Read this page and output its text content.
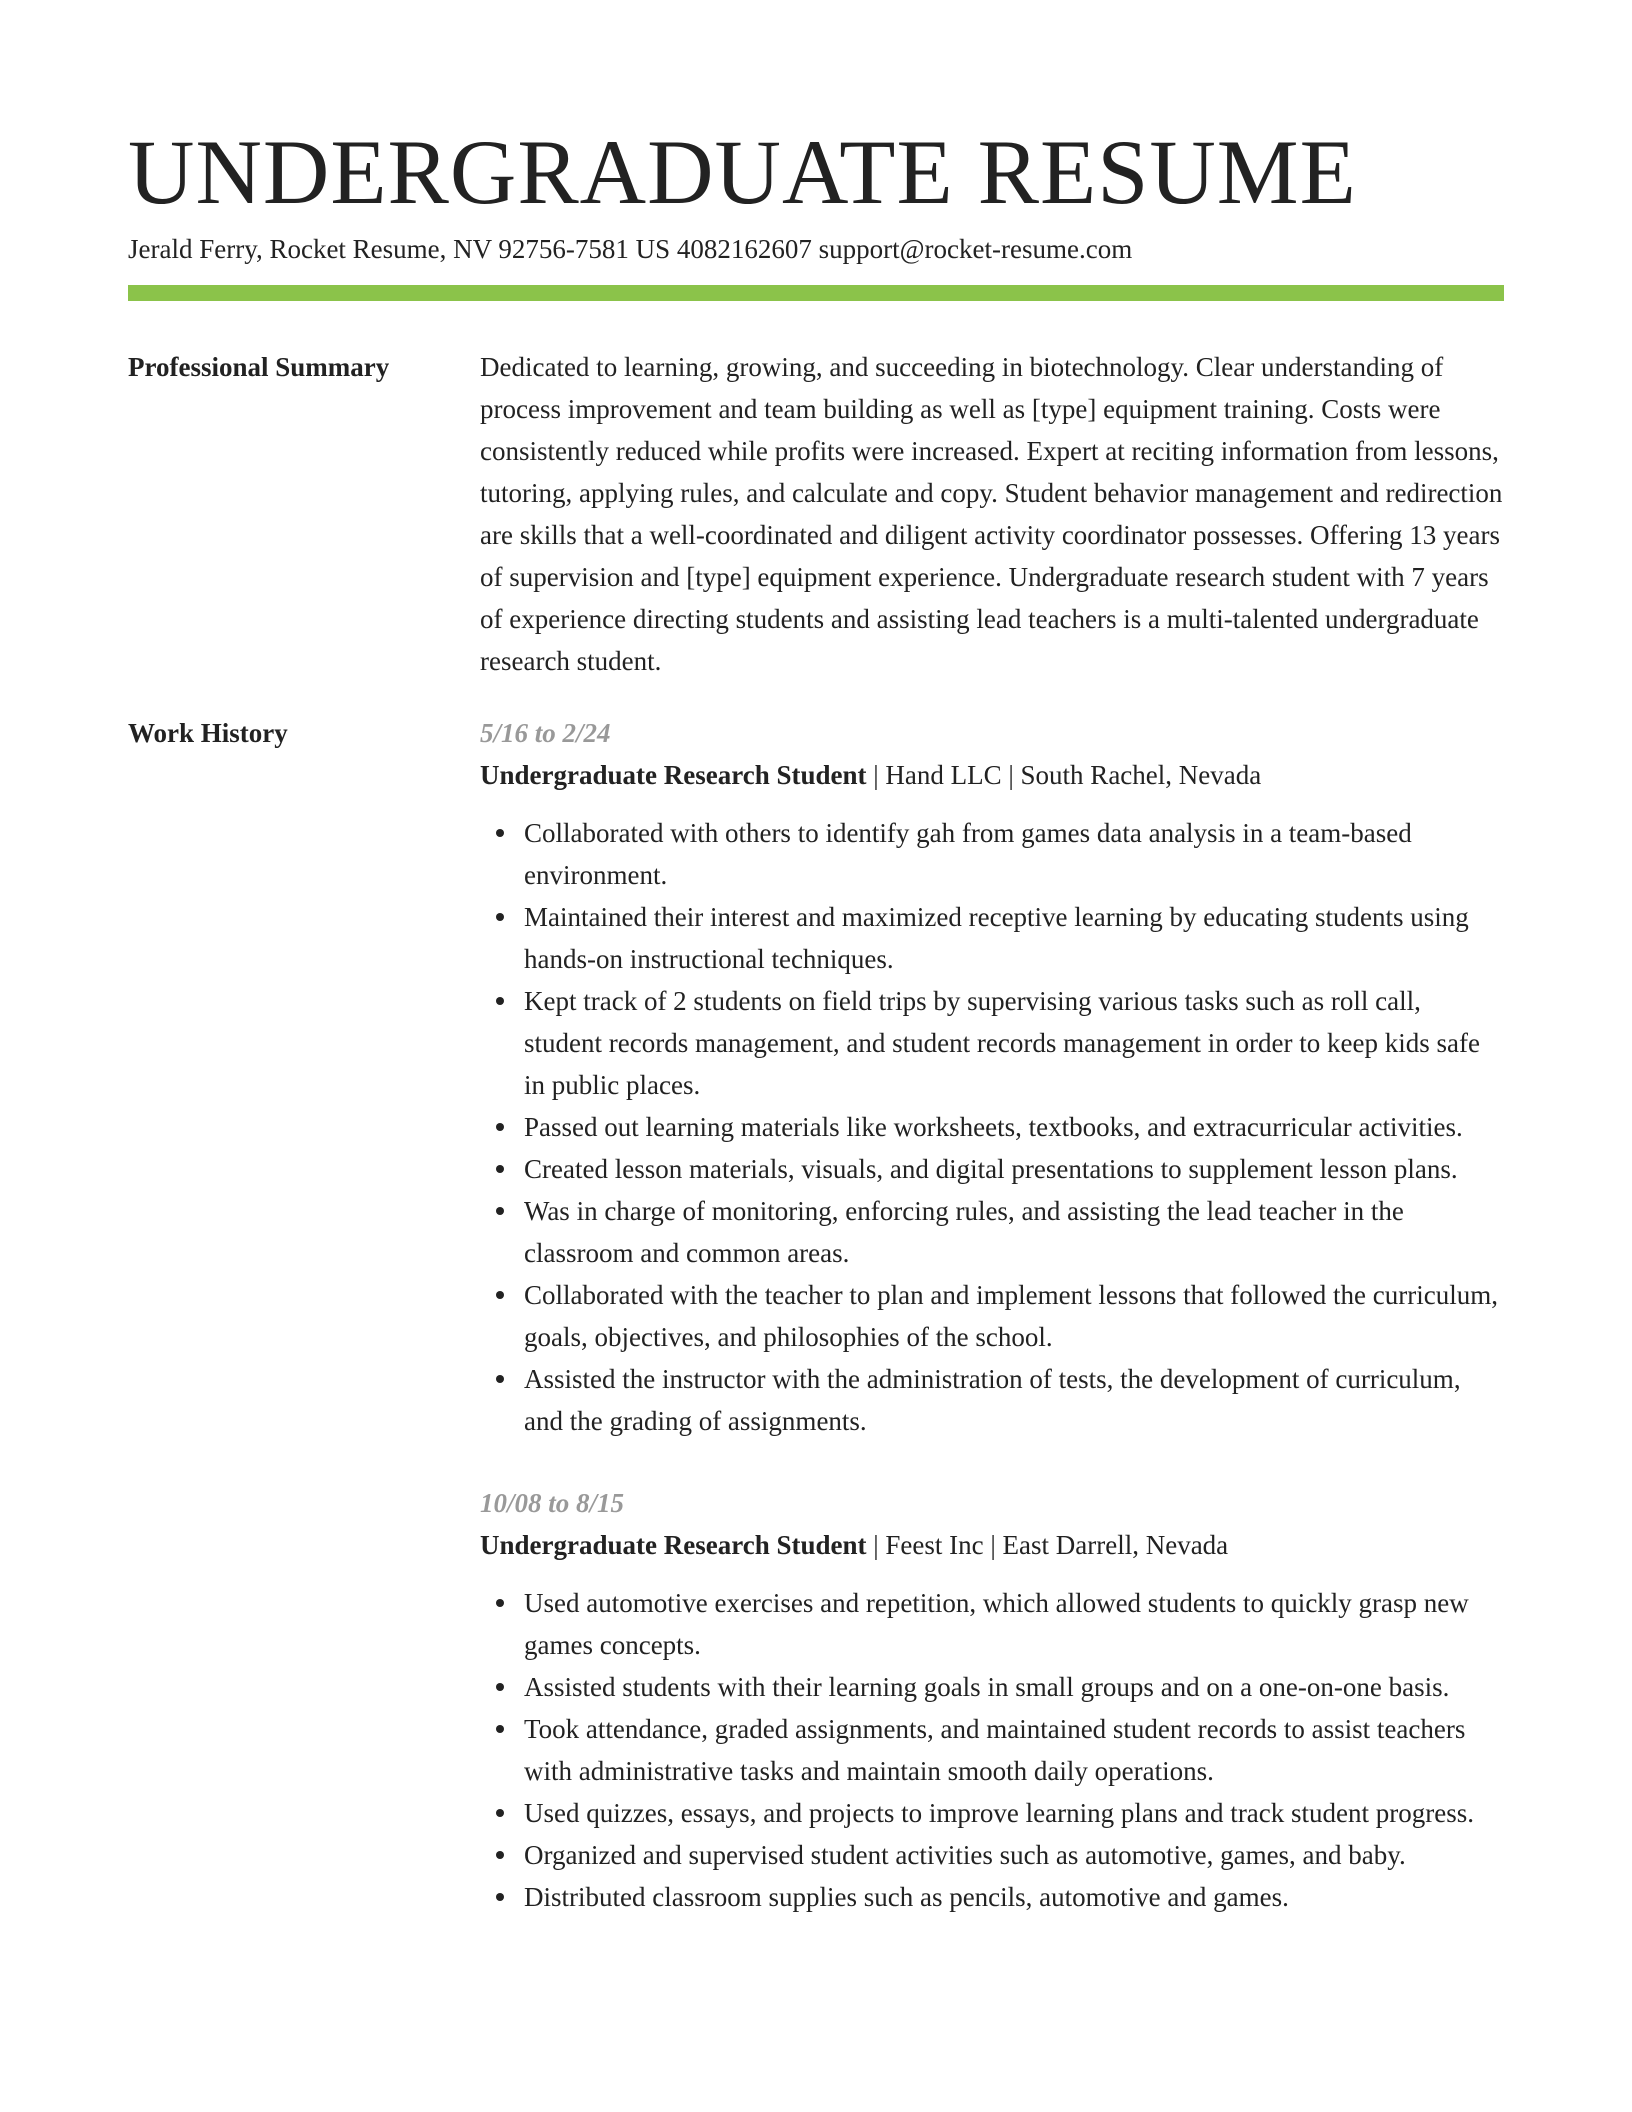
UNDERGRADUATE RESUME
Jerald Ferry, Rocket Resume, NV 92756-7581 US 4082162607 support@rocket-resume.com
Professional Summary	Dedicated to learning, growing, and succeeding in biotechnology. Clear understanding of process improvement and team building as well as [type] equipment training. Costs were consistently reduced while profits were increased. Expert at reciting information from lessons, tutoring, applying rules, and calculate and copy. Student behavior management and redirection are skills that a well-coordinated and diligent activity coordinator possesses. Offering 13 years of supervision and [type] equipment experience. Undergraduate research student with 7 years of experience directing students and assisting lead teachers is a multi-talented undergraduate research student.

Work History	5/16 to 2/24

Undergraduate Research Student | Hand LLC | South Rachel, Nevada

Collaborated with others to identify gah from games data analysis in a team-based environment.
Maintained their interest and maximized receptive learning by educating students using hands-on instructional techniques.
Kept track of 2 students on field trips by supervising various tasks such as roll call, student records management, and student records management in order to keep kids safe in public places.
Passed out learning materials like worksheets, textbooks, and extracurricular activities.
Created lesson materials, visuals, and digital presentations to supplement lesson plans.
Was in charge of monitoring, enforcing rules, and assisting the lead teacher in the classroom and common areas.
Collaborated with the teacher to plan and implement lessons that followed the curriculum, goals, objectives, and philosophies of the school.
Assisted the instructor with the administration of tests, the development of curriculum, and the grading of assignments.

10/08 to 8/15

Undergraduate Research Student | Feest Inc | East Darrell, Nevada

Used automotive exercises and repetition, which allowed students to quickly grasp new games concepts.
Assisted students with their learning goals in small groups and on a one-on-one basis.
Took attendance, graded assignments, and maintained student records to assist teachers with administrative tasks and maintain smooth daily operations.
Used quizzes, essays, and projects to improve learning plans and track student progress.
Organized and supervised student activities such as automotive, games, and baby.
Distributed classroom supplies such as pencils, automotive and games.
